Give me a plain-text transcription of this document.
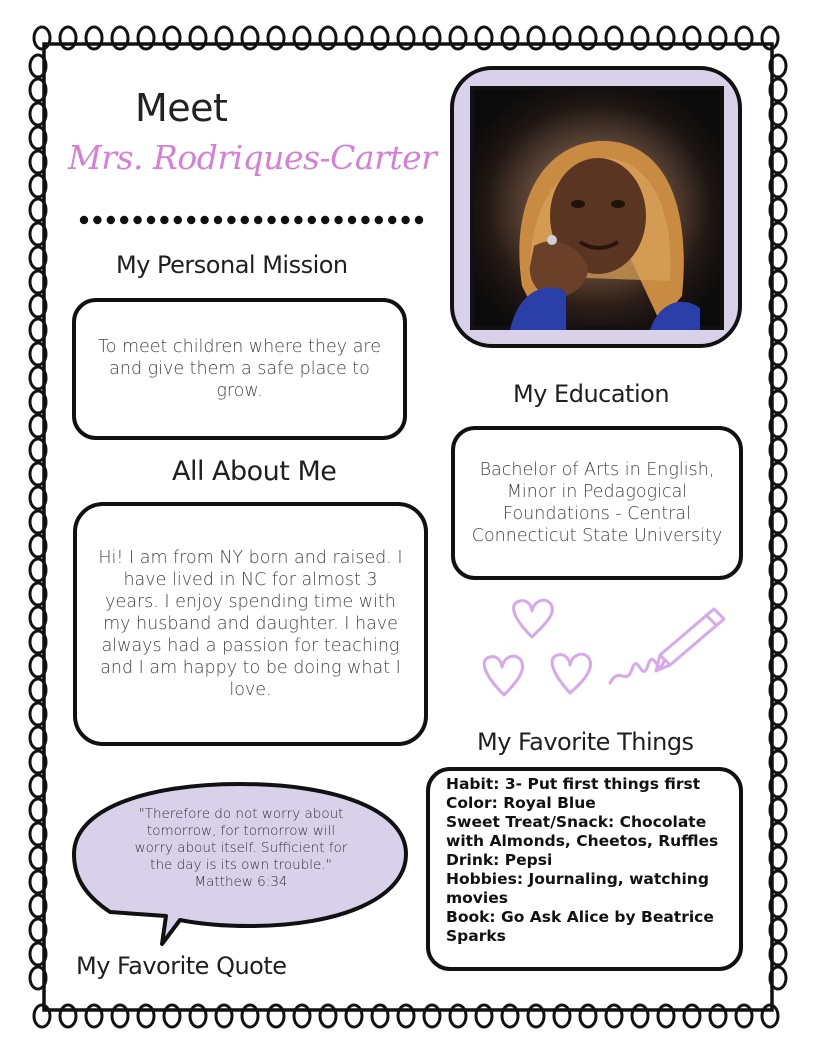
Meet
Mrs. Rodriques-Carter
My Personal Mission
To meet children where they are and give them a safe place to grow.	My Education
Bachelor of Arts in English, Minor in Pedagogical Foundations - Central Connecticut State University
All About Me
Hi! I am from NY born and raised. I have lived in NC for almost 3 years. I enjoy spending time with my husband and daughter. I have always had a passion for teaching and I am happy to be doing what I love.
My Favorite Things
Habit: 3- Put first things first
Color: Royal Blue
Sweet Treat/Snack: Chocolate with Almonds, Cheetos, Ruffles
Drink: Pepsi
Hobbies: Journaling, watching movies
Book: Go Ask Alice by Beatrice Sparks
"Therefore do not worry about tomorrow, for tomorrow will worry about itself. Sufficient for the day is its own trouble."
Matthew 6:34
My Favorite Quote
